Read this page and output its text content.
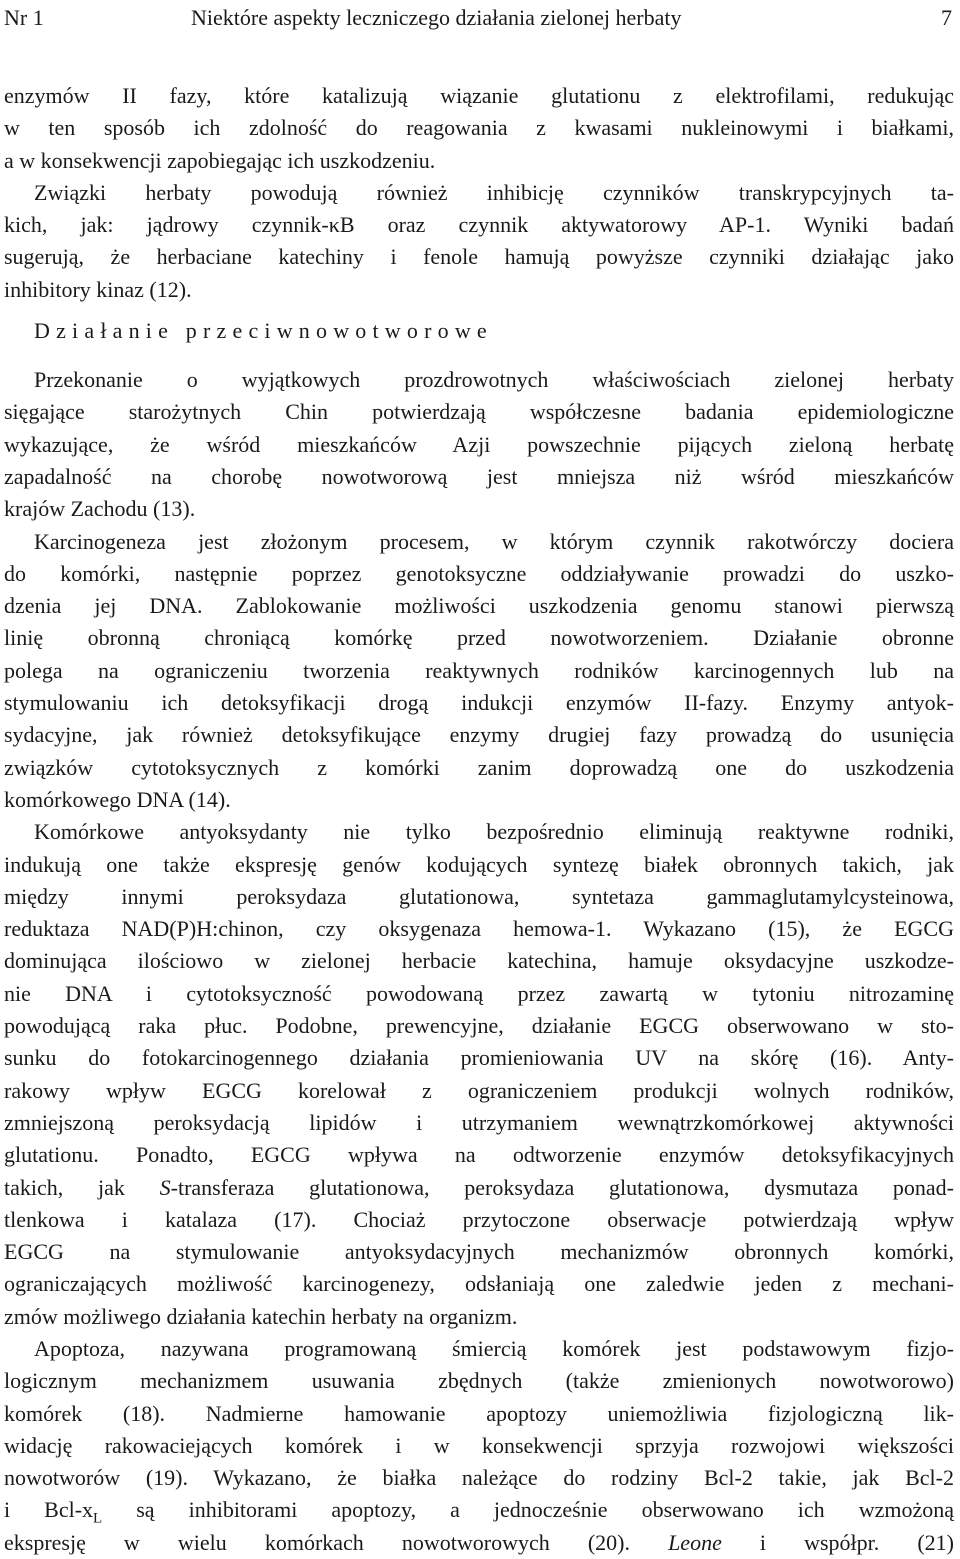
Nr 1	Niektóre aspekty leczniczego działania zielonej herbaty	7
enzymów II fazy, które katalizują wiązanie glutationu z elektrofilami, redukując
w ten sposób ich zdolność do reagowania z kwasami nukleinowymi i białkami,
a w konsekwencji zapobiegając ich uszkodzeniu.
Związki herbaty powodują również inhibicję czynników transkrypcyjnych ta-
kich, jak: jądrowy czynnik-κB oraz czynnik aktywatorowy AP-1. Wyniki badań
sugerują, że herbaciane katechiny i fenole hamują powyższe czynniki działając jako
inhibitory kinaz (12).
Działanie przeciwnowotworowe
Przekonanie o wyjątkowych prozdrowotnych właściwościach zielonej herbaty
sięgające starożytnych Chin potwierdzają współczesne badania epidemiologiczne
wykazujące, że wśród mieszkańców Azji powszechnie pijących zieloną herbatę
zapadalność na chorobę nowotworową jest mniejsza niż wśród mieszkańców
krajów Zachodu (13).
Karcinogeneza jest złożonym procesem, w którym czynnik rakotwórczy dociera
do komórki, następnie poprzez genotoksyczne oddziaływanie prowadzi do uszko-
dzenia jej DNA. Zablokowanie możliwości uszkodzenia genomu stanowi pierwszą
linię obronną chroniącą komórkę przed nowotworzeniem. Działanie obronne
polega na ograniczeniu tworzenia reaktywnych rodników karcinogennych lub na
stymulowaniu ich detoksyfikacji drogą indukcji enzymów II-fazy. Enzymy antyok-
sydacyjne, jak również detoksyfikujące enzymy drugiej fazy prowadzą do usunięcia
związków cytotoksycznych z komórki zanim doprowadzą one do uszkodzenia
komórkowego DNA (14).
Komórkowe antyoksydanty nie tylko bezpośrednio eliminują reaktywne rodniki,
indukują one także ekspresję genów kodujących syntezę białek obronnych takich, jak
między innymi peroksydaza glutationowa, syntetaza gammaglutamylcysteinowa,
reduktaza NAD(P)H:chinon, czy oksygenaza hemowa-1. Wykazano (15), że EGCG
dominująca ilościowo w zielonej herbacie katechina, hamuje oksydacyjne uszkodze-
nie DNA i cytotoksyczność powodowaną przez zawartą w tytoniu nitrozaminę
powodującą raka płuc. Podobne, prewencyjne, działanie EGCG obserwowano w sto-
sunku do fotokarcinogennego działania promieniowania UV na skórę (16). Anty-
rakowy wpływ EGCG korelował z ograniczeniem produkcji wolnych rodników,
zmniejszoną peroksydacją lipidów i utrzymaniem wewnątrzkomórkowej aktywności
glutationu. Ponadto, EGCG wpływa na odtworzenie enzymów detoksyfikacyjnych
takich, jak S-transferaza glutationowa, peroksydaza glutationowa, dysmutaza ponad-
tlenkowa i katalaza (17). Chociaż przytoczone obserwacje potwierdzają wpływ
EGCG na stymulowanie antyoksydacyjnych mechanizmów obronnych komórki,
ograniczających możliwość karcinogenezy, odsłaniają one zaledwie jeden z mechani-
zmów możliwego działania katechin herbaty na organizm.
Apoptoza, nazywana programowaną śmiercią komórek jest podstawowym fizjo-
logicznym mechanizmem usuwania zbędnych (także zmienionych nowotworowo)
komórek (18). Nadmierne hamowanie apoptozy uniemożliwia fizjologiczną lik-
widację rakowaciejących komórek i w konsekwencji sprzyja rozwojowi większości
nowotworów (19). Wykazano, że białka należące do rodziny Bcl-2 takie, jak Bcl-2
i Bcl-$x_L$ są inhibitorami apoptozy, a jednocześnie obserwowano ich wzmożoną
ekspresję w wielu komórkach nowotworowych (20). Leone i współpr. (21)
